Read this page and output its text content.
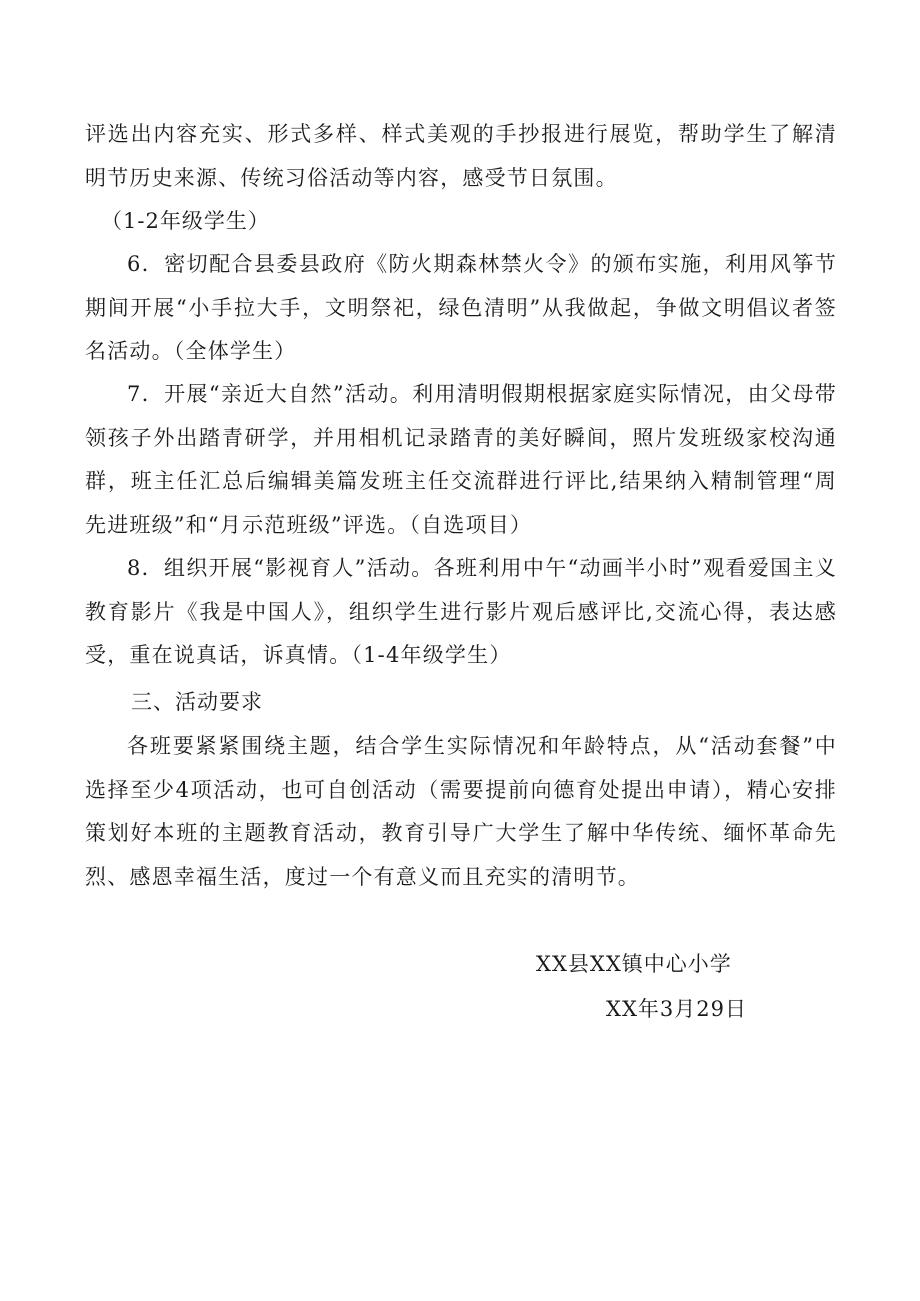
评选出内容充实、形式多样、样式美观的手抄报进行展览，帮助学生了解清明节历史来源、传统习俗活动等内容，感受节日氛围。

（1-2年级学生）

6．密切配合县委县政府《防火期森林禁火令》的颁布实施，利用风筝节期间开展“小手拉大手，文明祭祀，绿色清明”从我做起，争做文明倡议者签名活动。（全体学生）

7．开展“亲近大自然”活动。利用清明假期根据家庭实际情况，由父母带领孩子外出踏青研学，并用相机记录踏青的美好瞬间，照片发班级家校沟通群，班主任汇总后编辑美篇发班主任交流群进行评比,结果纳入精制管理“周先进班级”和“月示范班级”评选。（自选项目）

8．组织开展“影视育人”活动。各班利用中午“动画半小时”观看爱国主义教育影片《我是中国人》，组织学生进行影片观后感评比,交流心得，表达感受，重在说真话，诉真情。（1-4年级学生）

三、活动要求

各班要紧紧围绕主题，结合学生实际情况和年龄特点，从“活动套餐”中选择至少4项活动，也可自创活动（需要提前向德育处提出申请），精心安排策划好本班的主题教育活动，教育引导广大学生了解中华传统、缅怀革命先烈、感恩幸福生活，度过一个有意义而且充实的清明节。

XX县XX镇中心小学

XX年3月29日
